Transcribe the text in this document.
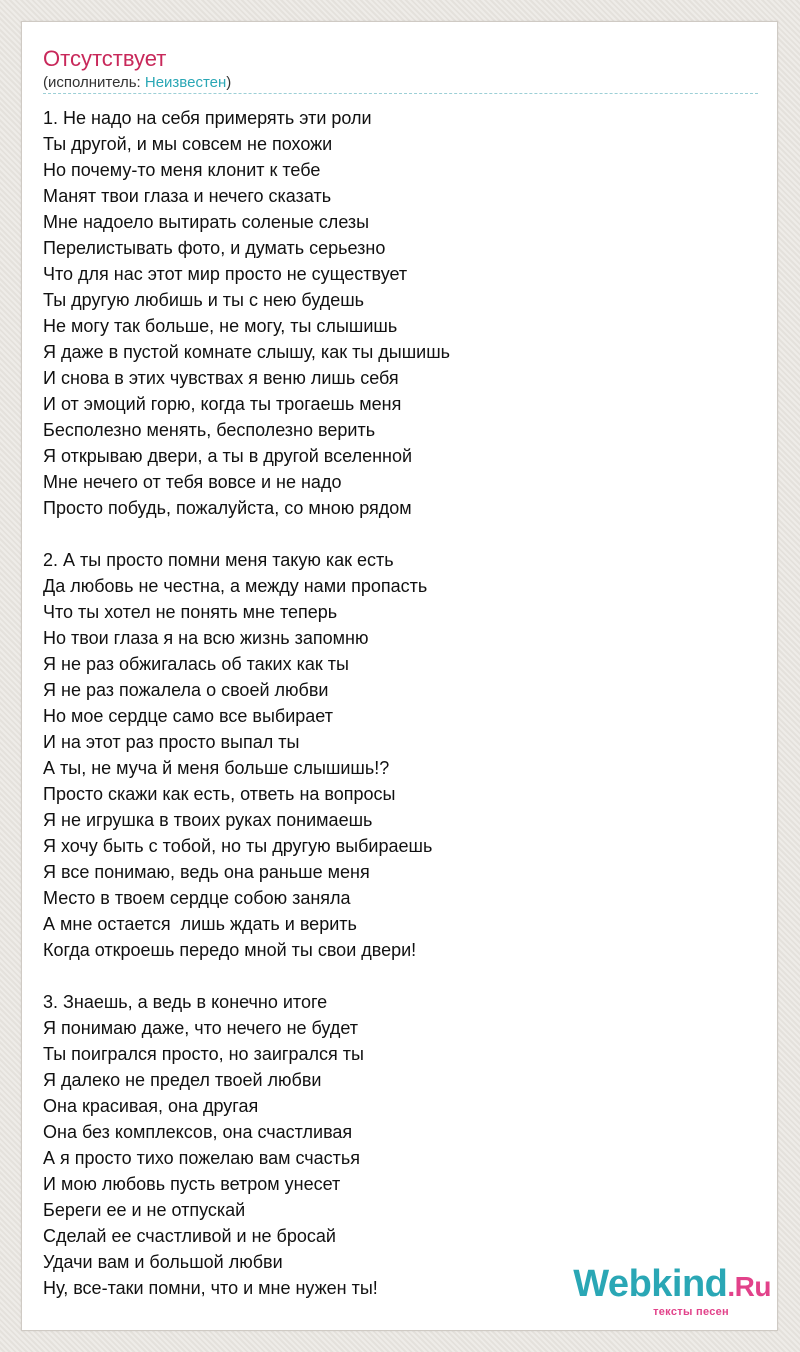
Отсутствует
(исполнитель: Неизвестен)
1. Не надо на себя примерять эти роли
Ты другой, и мы совсем не похожи
Но почему-то меня клонит к тебе
Манят твои глаза и нечего сказать
Мне надоело вытирать соленые слезы
Перелистывать фото, и думать серьезно
Что для нас этот мир просто не существует
Ты другую любишь и ты с нею будешь
Не могу так больше, не могу, ты слышишь
Я даже в пустой комнате слышу, как ты дышишь
И снова в этих чувствах я веню лишь себя
И от эмоций горю, когда ты трогаешь меня
Бесполезно менять, бесполезно верить
Я открываю двери, а ты в другой вселенной
Мне нечего от тебя вовсе и не надо
Просто побудь, пожалуйста, со мною рядом
2. А ты просто помни меня такую как есть
Да любовь не честна, а между нами пропасть
Что ты хотел не понять мне теперь
Но твои глаза я на всю жизнь запомню
Я не раз обжигалась об таких как ты
Я не раз пожалела о своей любви
Но мое сердце само все выбирает
И на этот раз просто выпал ты
А ты, не муча й меня больше слышишь!?
Просто скажи как есть, ответь на вопросы
Я не игрушка в твоих руках понимаешь
Я хочу быть с тобой, но ты другую выбираешь
Я все понимаю, ведь она раньше меня
Место в твоем сердце собою заняла
А мне остается  лишь ждать и верить
Когда откроешь передо мной ты свои двери!
3. Знаешь, а ведь в конечно итоге
Я понимаю даже, что нечего не будет
Ты поигрался просто, но заигрался ты
Я далеко не предел твоей любви
Она красивая, она другая
Она без комплексов, она счастливая
А я просто тихо пожелаю вам счастья
И мою любовь пусть ветром унесет
Береги ее и не отпускай
Сделай ее счастливой и не бросай
Удачи вам и большой любви
Ну, все-таки помни, что и мне нужен ты!	Webkind.Ru
тексты песен
